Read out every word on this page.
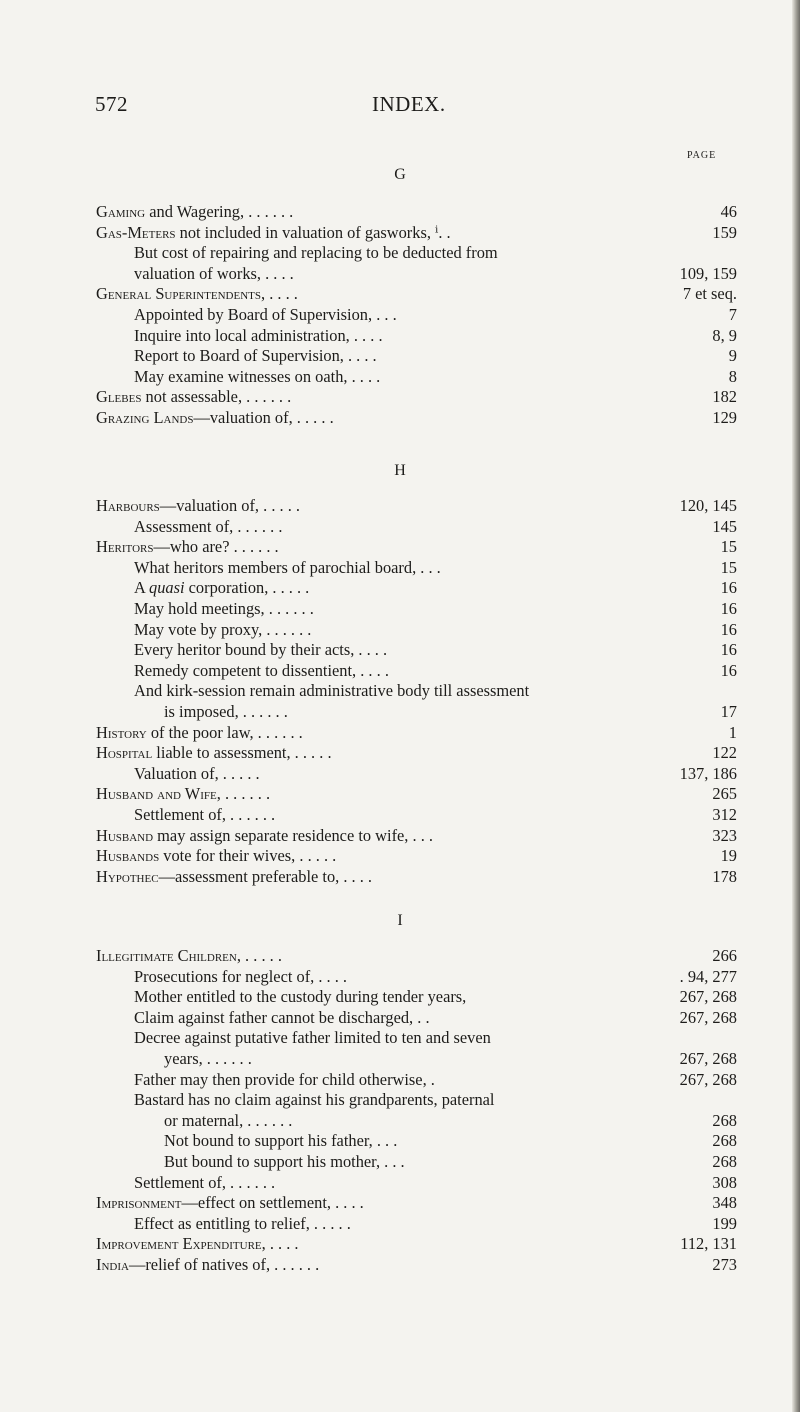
572	INDEX.
PAGE
G
Gaming and Wagering, . . . . . .	46
Gas-Meters not included in valuation of gasworks, ⁱ. .	159
But cost of repairing and replacing to be deducted from
valuation of works, . . . .	109, 159
General Superintendents, . . . .	7 et seq.
Appointed by Board of Supervision, . . .	7
Inquire into local administration, . . . .	8, 9
Report to Board of Supervision, . . . .	9
May examine witnesses on oath, . . . .	8
Glebes not assessable, . . . . . .	182
Grazing Lands—valuation of, . . . . .	129
H
Harbours—valuation of, . . . . .	120, 145
Assessment of, . . . . . .	145
Heritors—who are? . . . . . .	15
What heritors members of parochial board, . . .	15
A quasi corporation, . . . . .	16
May hold meetings, . . . . . .	16
May vote by proxy, . . . . . .	16
Every heritor bound by their acts, . . . .	16
Remedy competent to dissentient, . . . .	16
And kirk-session remain administrative body till assessment
is imposed, . . . . . .	17
History of the poor law, . . . . . .	1
Hospital liable to assessment, . . . . .	122
Valuation of, . . . . .	137, 186
Husband and Wife, . . . . . .	265
Settlement of, . . . . . .	312
Husband may assign separate residence to wife, . . .	323
Husbands vote for their wives, . . . . .	19
Hypothec—assessment preferable to, . . . .	178
I
Illegitimate Children, . . . . .	266
Prosecutions for neglect of, . . . .	. 94, 277
Mother entitled to the custody during tender years,	267, 268
Claim against father cannot be discharged, . .	267, 268
Decree against putative father limited to ten and seven
years, . . . . . .	267, 268
Father may then provide for child otherwise, .	267, 268
Bastard has no claim against his grandparents, paternal
or maternal, . . . . . .	268
Not bound to support his father, . . .	268
But bound to support his mother, . . .	268
Settlement of, . . . . . .	308
Imprisonment—effect on settlement, . . . .	348
Effect as entitling to relief, . . . . .	199
Improvement Expenditure, . . . .	112, 131
India—relief of natives of, . . . . . .	273
